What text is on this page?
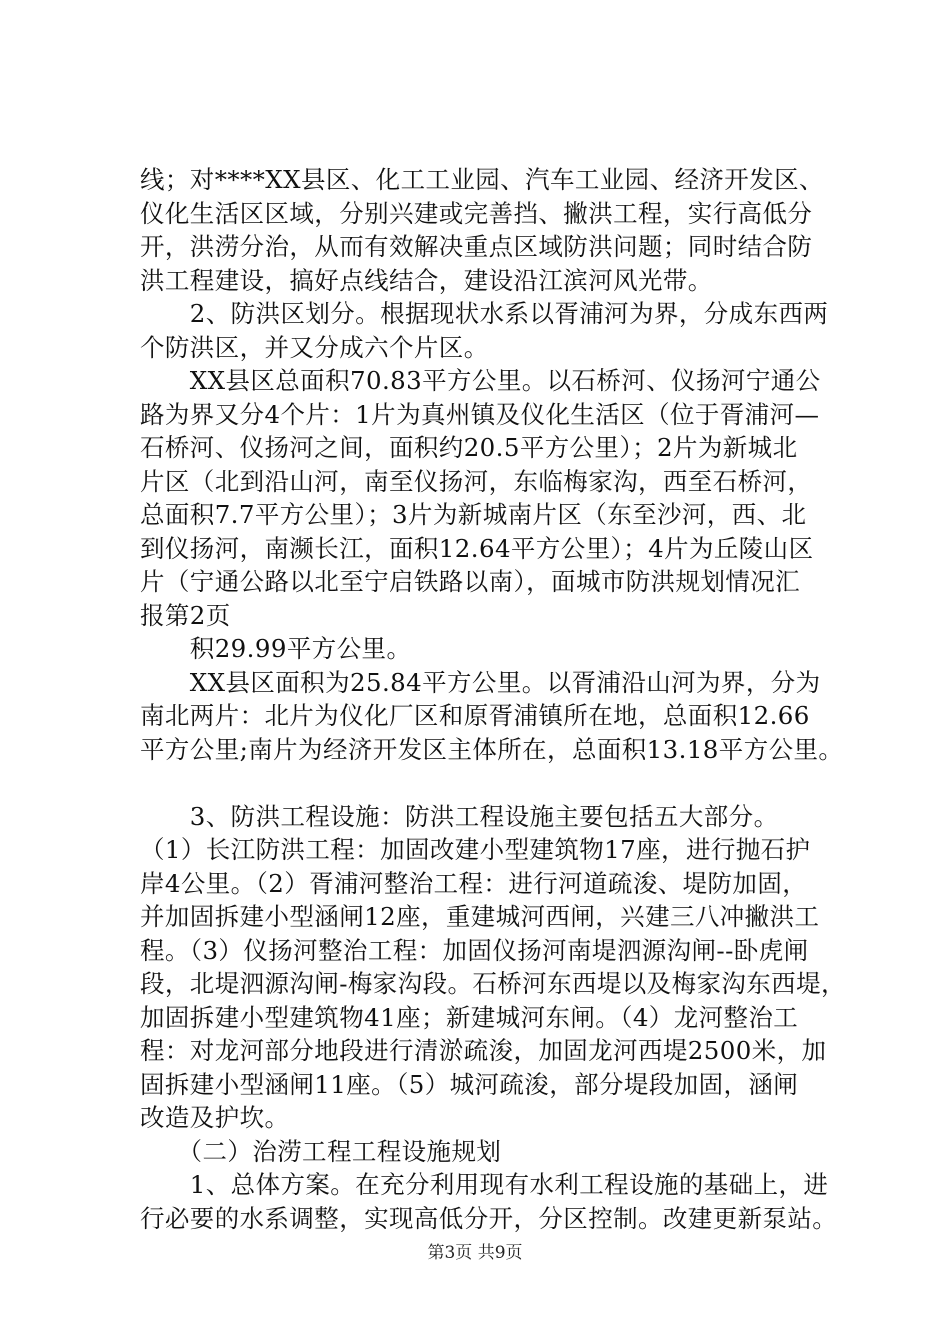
线；对****XX县区、化工工业园、汽车工业园、经济开发区、
仪化生活区区域，分别兴建或完善挡、撇洪工程，实行高低分
开，洪涝分治，从而有效解决重点区域防洪问题；同时结合防
洪工程建设，搞好点线结合，建设沿江滨河风光带。
　　2、防洪区划分。根据现状水系以胥浦河为界，分成东西两
个防洪区，并又分成六个片区。
　　XX县区总面积70.83平方公里。以石桥河、仪扬河宁通公
路为界又分4个片：1片为真州镇及仪化生活区（位于胥浦河—
石桥河、仪扬河之间，面积约20.5平方公里）；2片为新城北
片区（北到沿山河，南至仪扬河，东临梅家沟，西至石桥河，
总面积7.7平方公里）；3片为新城南片区（东至沙河，西、北
到仪扬河，南濒长江，面积12.64平方公里）；4片为丘陵山区
片（宁通公路以北至宁启铁路以南），面城市防洪规划情况汇
报第2页
　　积29.99平方公里。
　　XX县区面积为25.84平方公里。以胥浦沿山河为界，分为
南北两片：北片为仪化厂区和原胥浦镇所在地，总面积12.66
平方公里;南片为经济开发区主体所在，总面积13.18平方公里。
　　3、防洪工程设施：防洪工程设施主要包括五大部分。
（1）长江防洪工程：加固改建小型建筑物17座，进行抛石护
岸4公里。（2）胥浦河整治工程：进行河道疏浚、堤防加固，
并加固拆建小型涵闸12座，重建城河西闸，兴建三八冲撇洪工
程。（3）仪扬河整治工程：加固仪扬河南堤泗源沟闸--卧虎闸
段，北堤泗源沟闸-梅家沟段。石桥河东西堤以及梅家沟东西堤，
加固拆建小型建筑物41座；新建城河东闸。（4）龙河整治工
程：对龙河部分地段进行清淤疏浚，加固龙河西堤2500米，加
固拆建小型涵闸11座。（5）城河疏浚，部分堤段加固，涵闸
改造及护坎。
　　（二）治涝工程工程设施规划
　　1、总体方案。在充分利用现有水利工程设施的基础上，进
行必要的水系调整，实现高低分开，分区控制。改建更新泵站。
第3页 共9页
